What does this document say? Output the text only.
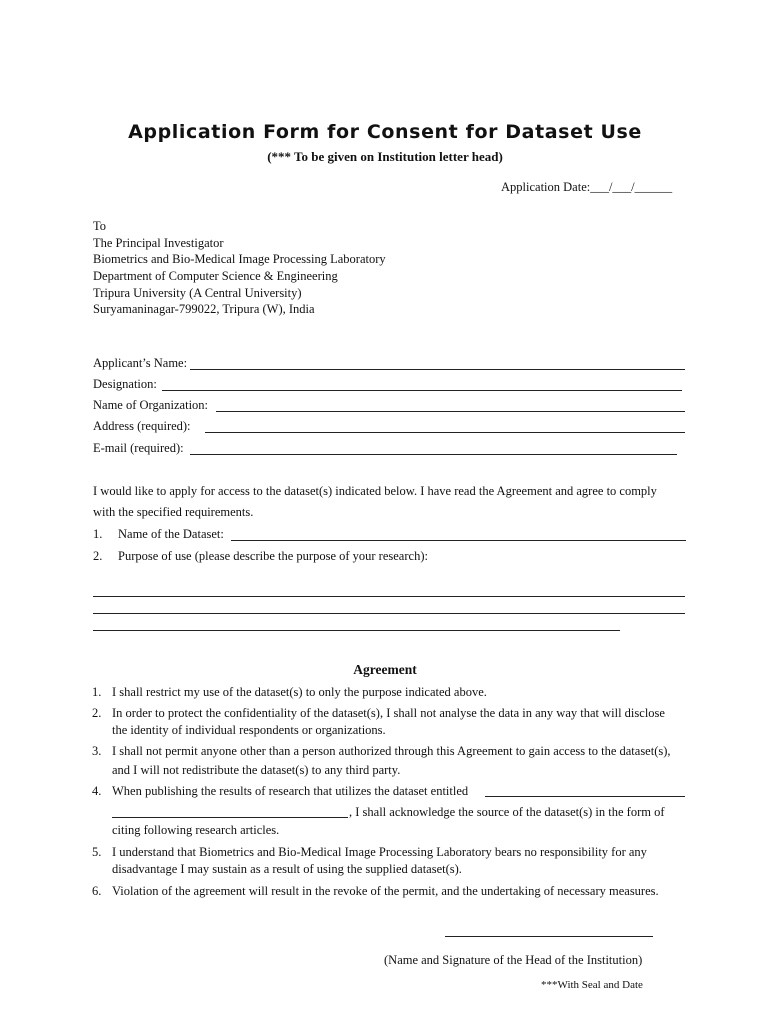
Application Form for Consent for Dataset Use
(*** To be given on Institution letter head)
Application Date:___/___/______
To
The Principal Investigator
Biometrics and Bio-Medical Image Processing Laboratory
Department of Computer Science & Engineering
Tripura University (A Central University)
Suryamaninagar-799022, Tripura (W), India
Applicant’s Name:
Designation:
Name of Organization:
Address (required):
E-mail (required):
I would like to apply for access to the dataset(s) indicated below. I have read the Agreement and agree to comply
with the specified requirements.
1. Name of the Dataset:
2. Purpose of use (please describe the purpose of your research):
Agreement
1. I shall restrict my use of the dataset(s) to only the purpose indicated above.
2. In order to protect the confidentiality of the dataset(s), I shall not analyse the data in any way that will disclose
the identity of individual respondents or organizations.
3. I shall not permit anyone other than a person authorized through this Agreement to gain access to the dataset(s),
and I will not redistribute the dataset(s) to any third party.
4. When publishing the results of research that utilizes the dataset entitled
, I shall acknowledge the source of the dataset(s) in the form of
citing following research articles.
5. I understand that Biometrics and Bio-Medical Image Processing Laboratory bears no responsibility for any
disadvantage I may sustain as a result of using the supplied dataset(s).
6. Violation of the agreement will result in the revoke of the permit, and the undertaking of necessary measures.
(Name and Signature of the Head of the Institution)
***With Seal and Date
